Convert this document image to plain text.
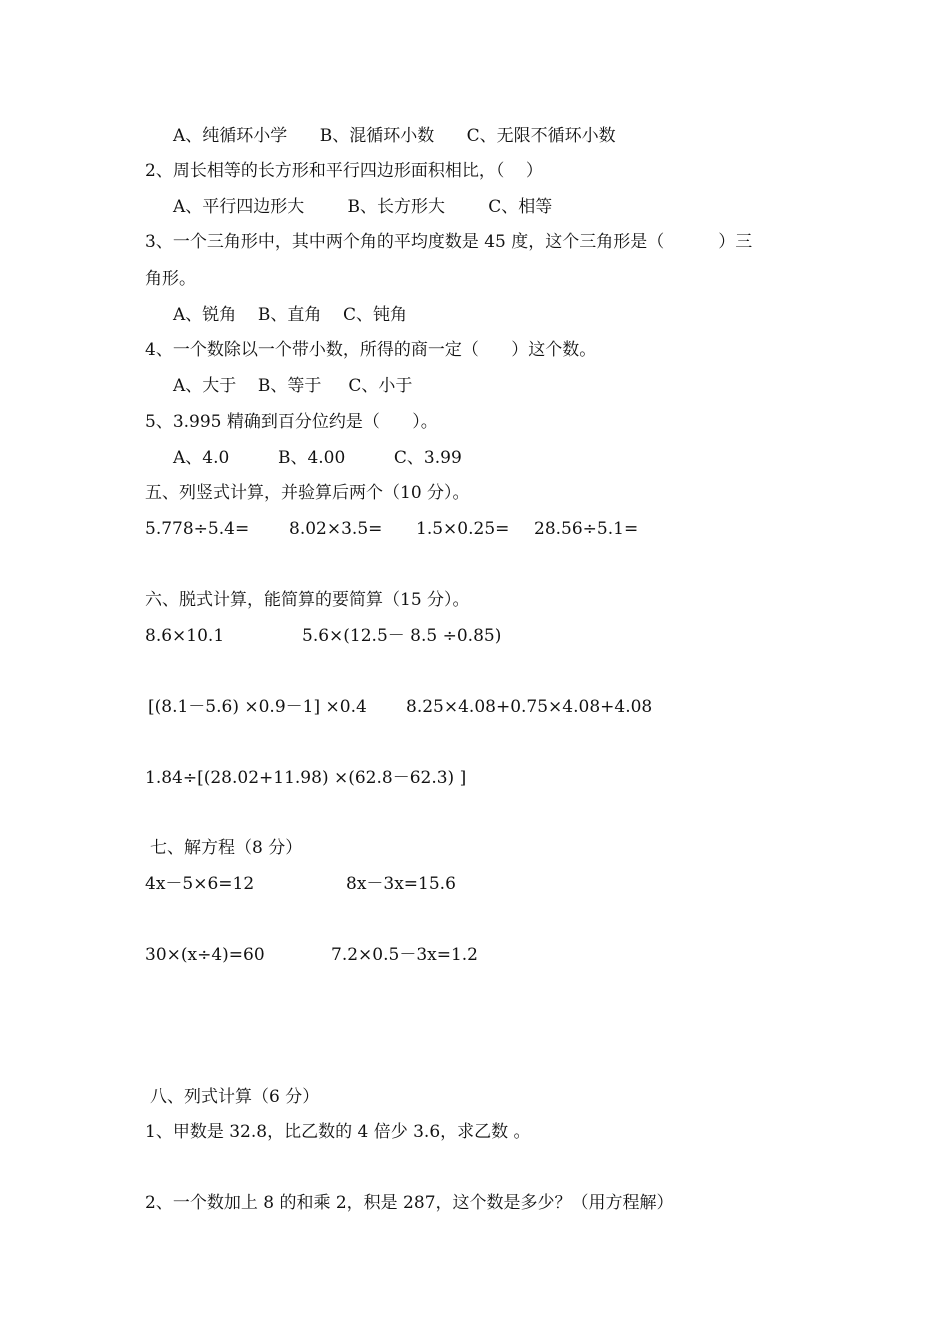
A、纯循环小学      B、混循环小数      C、无限不循环小数
2、周长相等的长方形和平行四边形面积相比，（    ）
A、平行四边形大        B、长方形大        C、相等
3、一个三角形中，其中两个角的平均度数是 45 度，这个三角形是（          ）三
角形。
A、锐角    B、直角    C、钝角
4、一个数除以一个带小数，所得的商一定（      ）这个数。
A、大于    B、等于     C、小于
5、3.995 精确到百分位约是（      ）。
A、4.0         B、4.00         C、3.99
五、列竖式计算，并验算后两个（10 分）。
5.778÷5.4= 8.02×3.5= 1.5×0.25= 28.56÷5.1=
六、脱式计算，能简算的要简算（15 分）。
8.6×10.1	5.6×(12.5－ 8.5 ÷0.85)
[(8.1－5.6) ×0.9－1] ×0.4 8.25×4.08+0.75×4.08+4.08
1.84÷[(28.02+11.98) ×(62.8－62.3) ]
七、解方程（8 分）
4x－5×6=12	8x－3x=15.6
30×(x÷4)=60	7.2×0.5－3x=1.2
八、列式计算（6 分）
1、甲数是 32.8，比乙数的 4 倍少 3.6，求乙数 。
2、一个数加上 8 的和乘 2，积是 287，这个数是多少？（用方程解）
